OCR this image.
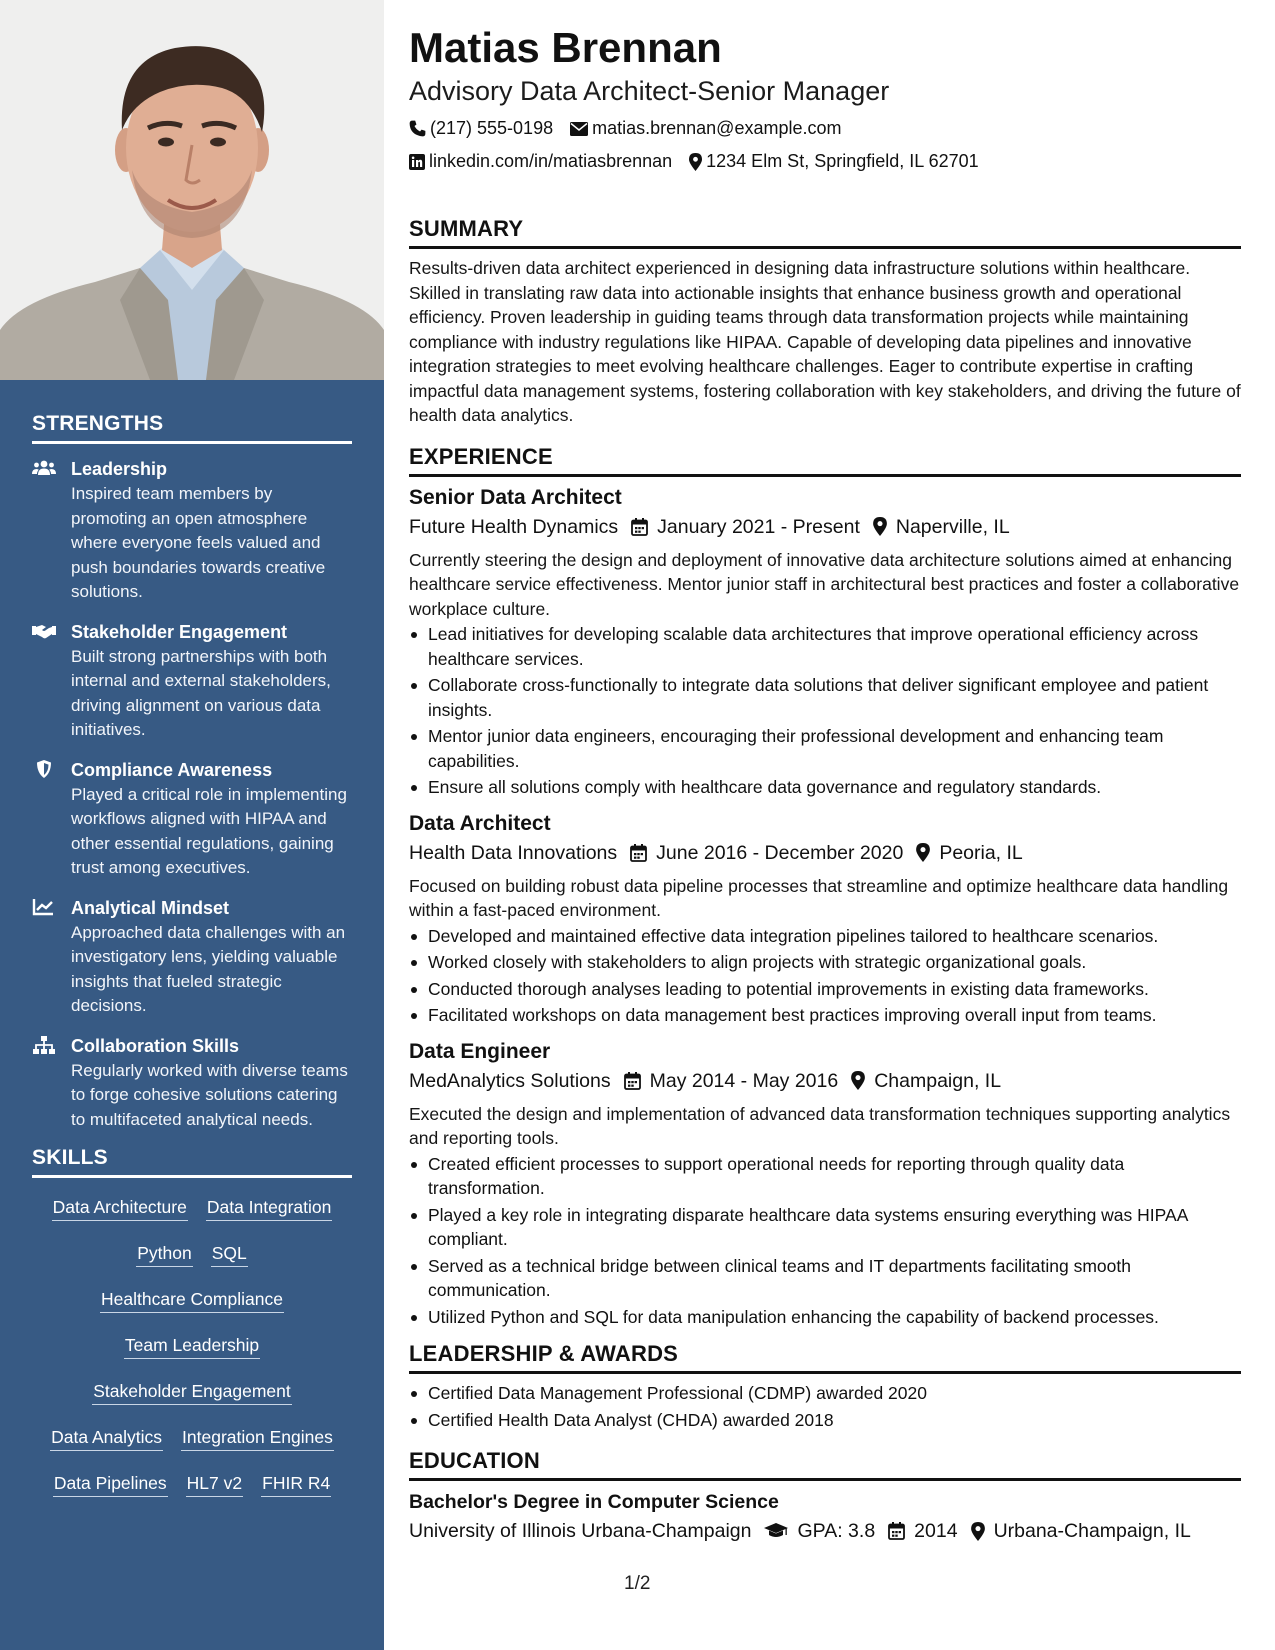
STRENGTHS
Leadership
Inspired team members by promoting an open atmosphere where everyone feels valued and push boundaries towards creative solutions.
Stakeholder Engagement
Built strong partnerships with both internal and external stakeholders, driving alignment on various data initiatives.
Compliance Awareness
Played a critical role in implementing workflows aligned with HIPAA and other essential regulations, gaining trust among executives.
Analytical Mindset
Approached data challenges with an investigatory lens, yielding valuable insights that fueled strategic decisions.
Collaboration Skills
Regularly worked with diverse teams to forge cohesive solutions catering to multifaceted analytical needs.
SKILLS
Data Architecture Data Integration
Python SQL
Healthcare Compliance
Team Leadership
Stakeholder Engagement
Data Analytics Integration Engines
Data Pipelines HL7 v2 FHIR R4
Matias Brennan
Advisory Data Architect-Senior Manager
(217) 555-0198 matias.brennan@example.com
linkedin.com/in/matiasbrennan 1234 Elm St, Springfield, IL 62701
SUMMARY

Results-driven data architect experienced in designing data infrastructure solutions within healthcare. Skilled in translating raw data into actionable insights that enhance business growth and operational efficiency. Proven leadership in guiding teams through data transformation projects while maintaining compliance with industry regulations like HIPAA. Capable of developing data pipelines and innovative integration strategies to meet evolving healthcare challenges. Eager to contribute expertise in crafting impactful data management systems, fostering collaboration with key stakeholders, and driving the future of health data analytics.

EXPERIENCE
Senior Data Architect
Future Health Dynamics January 2021 - Present Naperville, IL

Currently steering the design and deployment of innovative data architecture solutions aimed at enhancing healthcare service effectiveness. Mentor junior staff in architectural best practices and foster a collaborative workplace culture.

Lead initiatives for developing scalable data architectures that improve operational efficiency across healthcare services.
Collaborate cross-functionally to integrate data solutions that deliver significant employee and patient insights.
Mentor junior data engineers, encouraging their professional development and enhancing team capabilities.
Ensure all solutions comply with healthcare data governance and regulatory standards.
Data Architect
Health Data Innovations June 2016 - December 2020 Peoria, IL

Focused on building robust data pipeline processes that streamline and optimize healthcare data handling within a fast-paced environment.

Developed and maintained effective data integration pipelines tailored to healthcare scenarios.
Worked closely with stakeholders to align projects with strategic organizational goals.
Conducted thorough analyses leading to potential improvements in existing data frameworks.
Facilitated workshops on data management best practices improving overall input from teams.
Data Engineer
MedAnalytics Solutions May 2014 - May 2016 Champaign, IL

Executed the design and implementation of advanced data transformation techniques supporting analytics and reporting tools.

Created efficient processes to support operational needs for reporting through quality data transformation.
Played a key role in integrating disparate healthcare data systems ensuring everything was HIPAA compliant.
Served as a technical bridge between clinical teams and IT departments facilitating smooth communication.
Utilized Python and SQL for data manipulation enhancing the capability of backend processes.
LEADERSHIP & AWARDS
Certified Data Management Professional (CDMP) awarded 2020
Certified Health Data Analyst (CHDA) awarded 2018
EDUCATION
Bachelor's Degree in Computer Science
University of Illinois Urbana-Champaign GPA: 3.8 2014 Urbana-Champaign, IL
1/2
